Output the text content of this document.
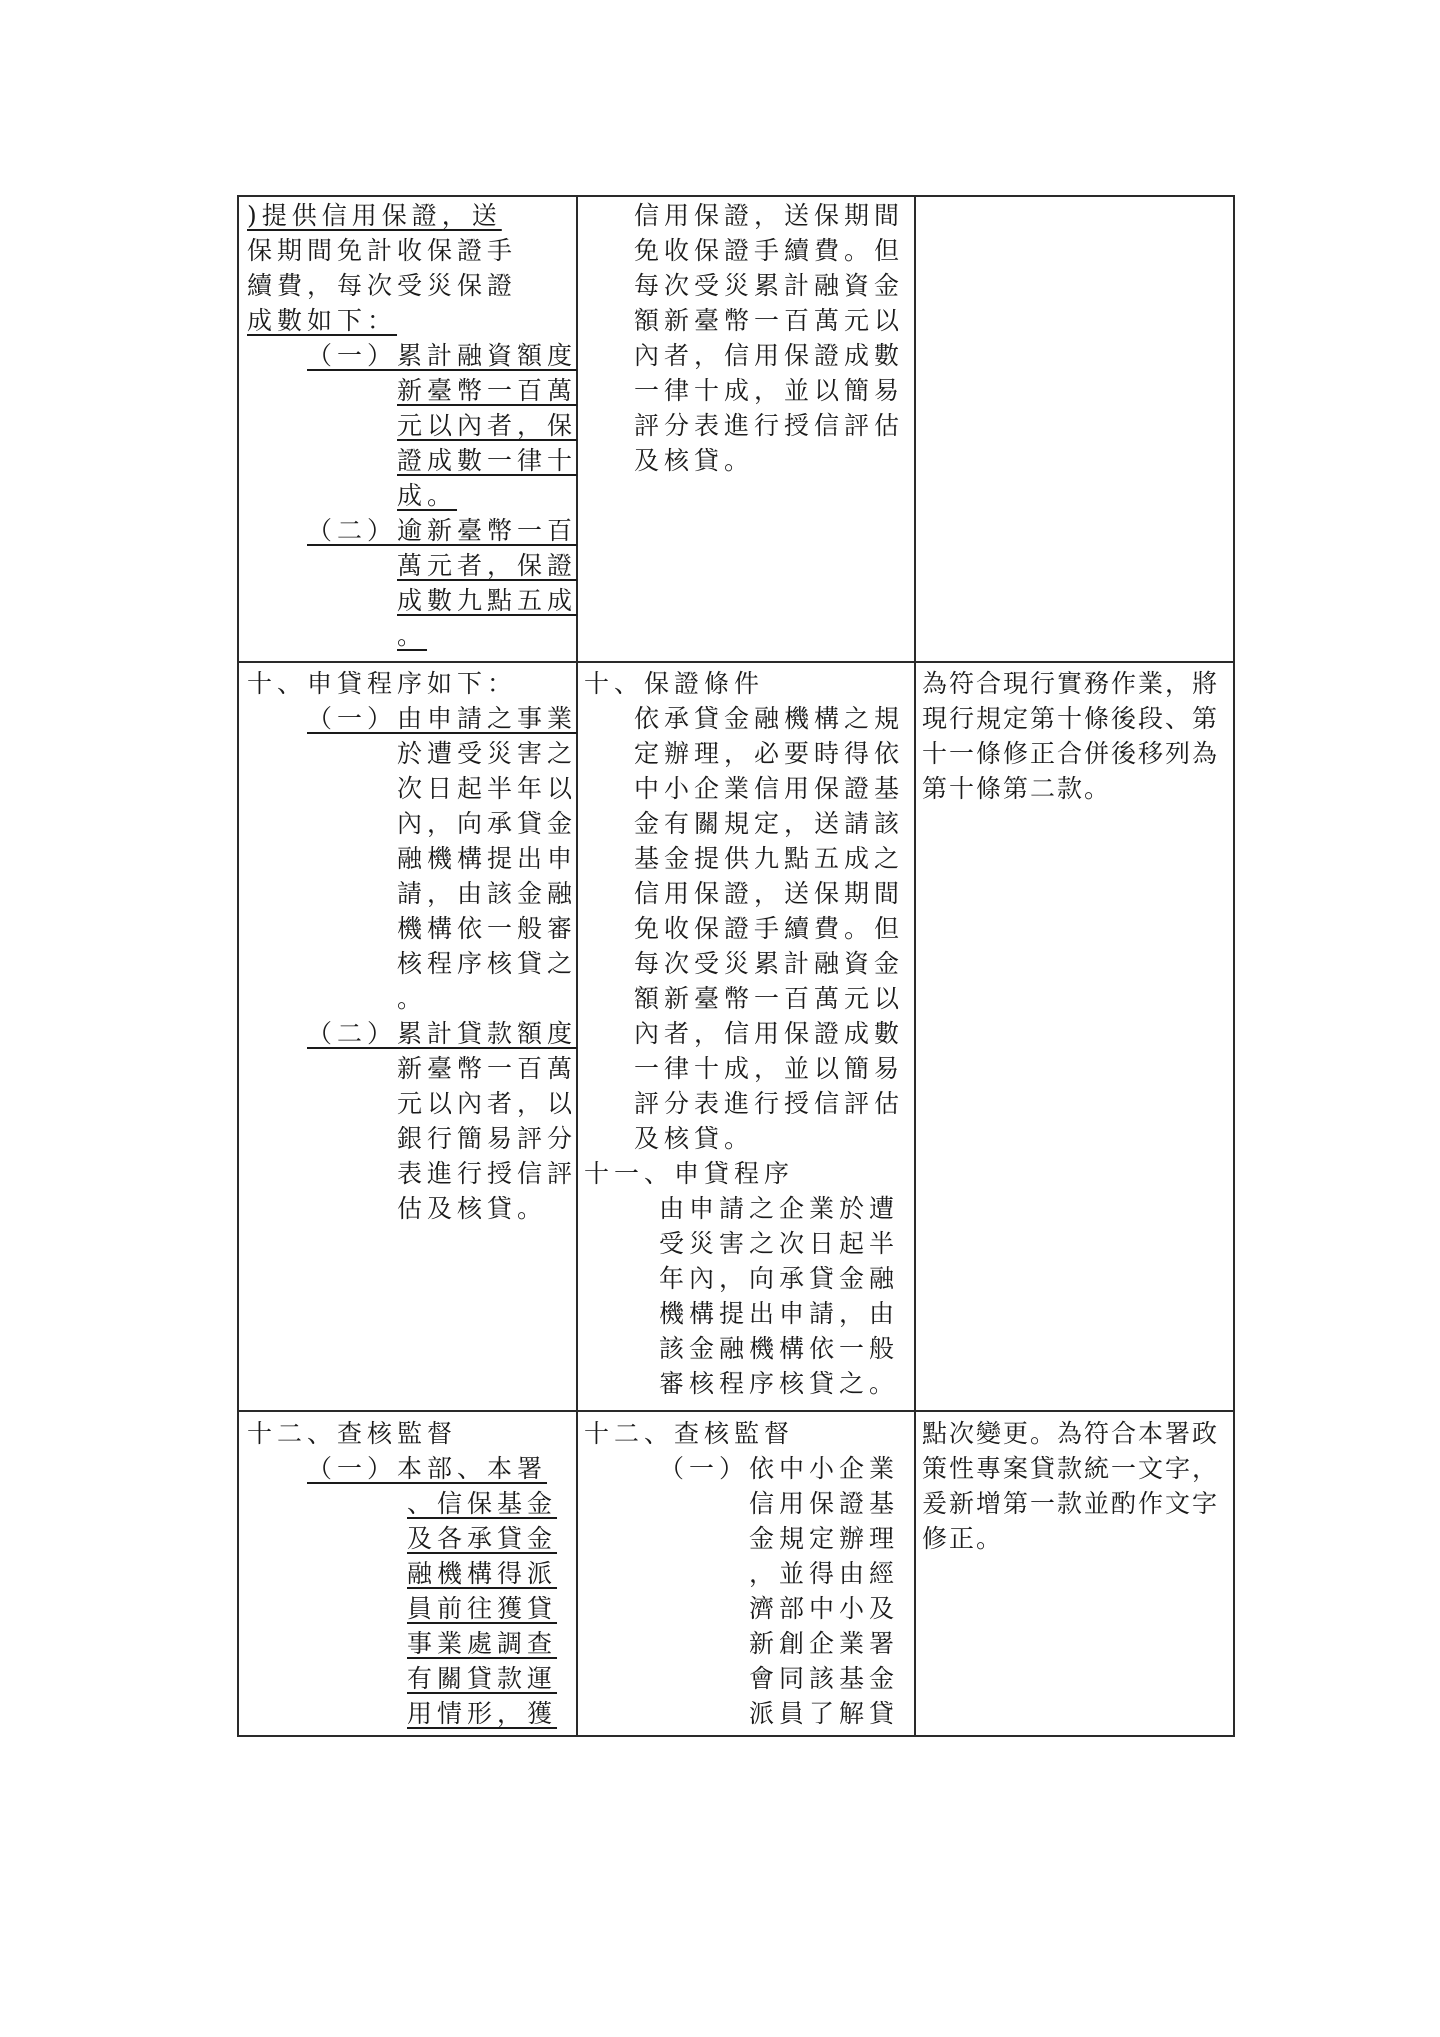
)提供信用保證，送
保期間免計收保證手
續費，每次受災保證
成數如下：
（一）累計融資額度
新臺幣一百萬
元以內者，保
證成數一律十
成。
（二）逾新臺幣一百
萬元者，保證
成數九點五成
。
信用保證，送保期間
免收保證手續費。但
每次受災累計融資金
額新臺幣一百萬元以
內者，信用保證成數
一律十成，並以簡易
評分表進行授信評估
及核貸。
十、申貸程序如下：
（一）由申請之事業
於遭受災害之
次日起半年以
內，向承貸金
融機構提出申
請，由該金融
機構依一般審
核程序核貸之
。
（二）累計貸款額度
新臺幣一百萬
元以內者，以
銀行簡易評分
表進行授信評
估及核貸。
十、保證條件
依承貸金融機構之規
定辦理，必要時得依
中小企業信用保證基
金有關規定，送請該
基金提供九點五成之
信用保證，送保期間
免收保證手續費。但
每次受災累計融資金
額新臺幣一百萬元以
內者，信用保證成數
一律十成，並以簡易
評分表進行授信評估
及核貸。
十一、申貸程序
由申請之企業於遭
受災害之次日起半
年內，向承貸金融
機構提出申請，由
該金融機構依一般
審核程序核貸之。
為符合現行實務作業，將
現行規定第十條後段、第
十一條修正合併後移列為
第十條第二款。
十二、查核監督
（一）本部、本署
、信保基金
及各承貸金
融機構得派
員前往獲貸
事業處調查
有關貸款運
用情形，獲
十二、查核監督
（一）依中小企業
信用保證基
金規定辦理
，並得由經
濟部中小及
新創企業署
會同該基金
派員了解貸
點次變更。為符合本署政
策性專案貸款統一文字，
爰新增第一款並酌作文字
修正。
